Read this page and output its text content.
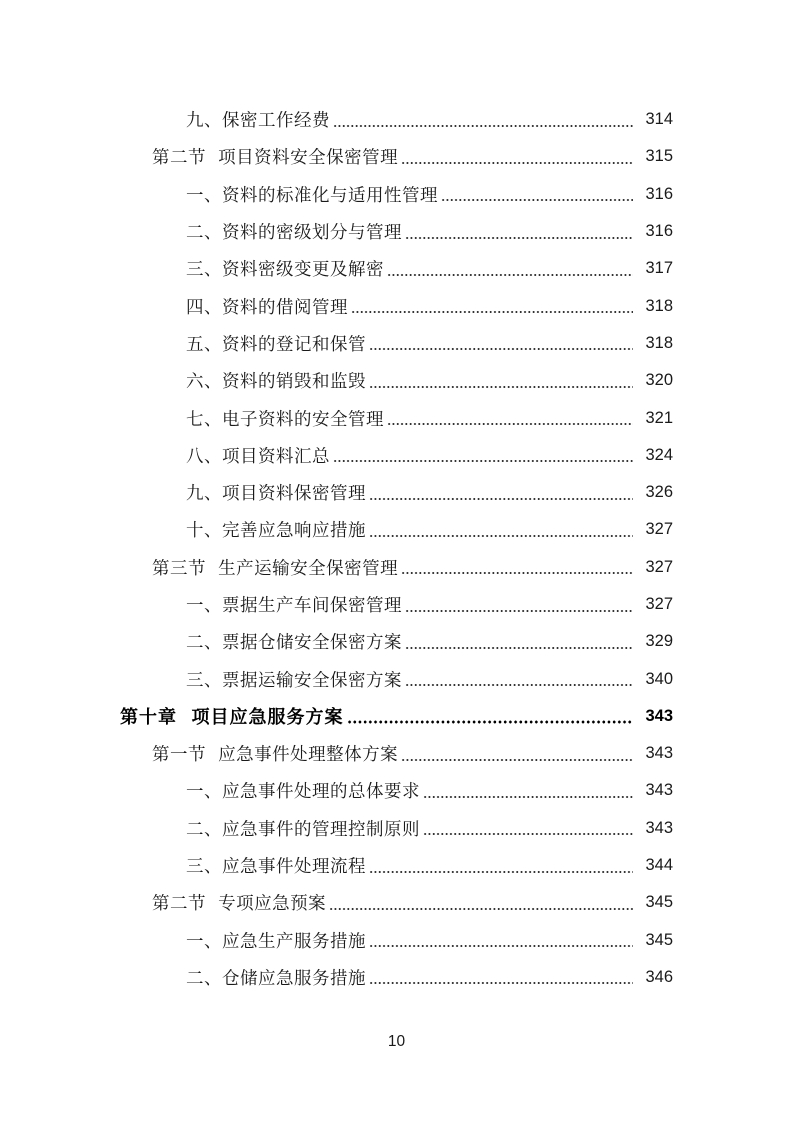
九、保密工作经费	314
第二节  项目资料安全保密管理	315
一、资料的标准化与适用性管理	316
二、资料的密级划分与管理	316
三、资料密级变更及解密	317
四、资料的借阅管理	318
五、资料的登记和保管	318
六、资料的销毁和监毁	320
七、电子资料的安全管理	321
八、项目资料汇总	324
九、项目资料保密管理	326
十、完善应急响应措施	327
第三节  生产运输安全保密管理	327
一、票据生产车间保密管理	327
二、票据仓储安全保密方案	329
三、票据运输安全保密方案	340
第十章  项目应急服务方案	343
第一节  应急事件处理整体方案	343
一、应急事件处理的总体要求	343
二、应急事件的管理控制原则	343
三、应急事件处理流程	344
第二节  专项应急预案	345
一、应急生产服务措施	345
二、仓储应急服务措施	346
10
